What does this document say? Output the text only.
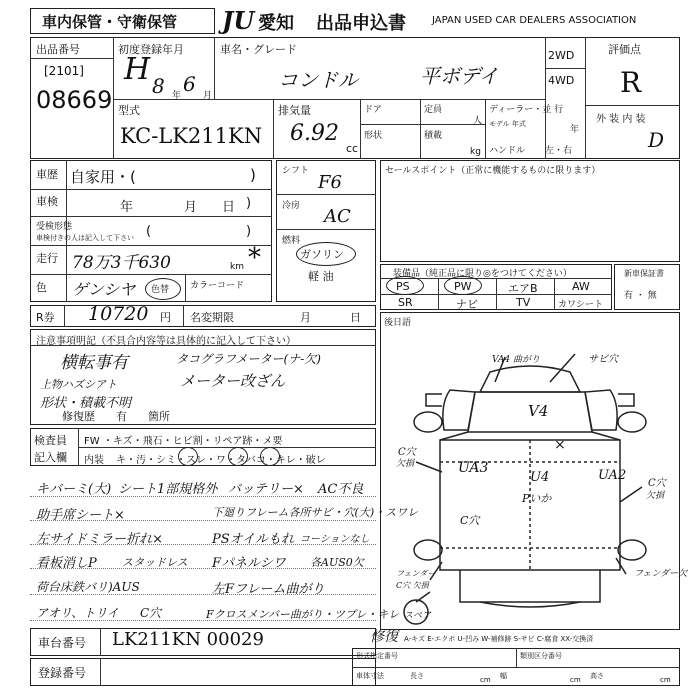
車内保管・守衛保管 JU 愛知 出品申込書	JAPAN USED CAR DEALERS ASSOCIATION
出品番号
[2101]
08669
初度登録年月
H 8 年 6 月
車名・グレード
コンドル	平ボデイ
2WD
4WD
評価点
R
外 装 内 装
D
型式
KC-LK211KN
排気量
6.92
cc
ドア	定員
人
形状	積載
kg
ディーラー・並 行
モデル 年式
年
ハンドル 左・右
車歴 自家用・(	)
車検	年	月 日 )
受検形態
車検付きの人は記入して下さい (	)
走行 78万3千630	km *
色 ゲンシヤ 色替 カラーコード
シフト
F6
冷房 AC
燃料
ガソリン
軽 油
セールスポイント（正常に機能するものに限ります）
装備品（純正品に限り◎をつけてください）
PS	PW	エアB	AW
SR	ナビ	TV	カワシート
新車保証書
有 ・ 無
R券 10720 円 名変期限	月	日
注意事項明記（不具合内容等は具体的に記入して下さい）
横転事有	タコグラフメーター(ナ-欠)
上物ハズシアト	メーター改ざん
形状・積載不明
修復歴 有 箇所
検査員
記入欄
FW ・キズ・飛石・ヒビ割・リペア跡・メ要
内装 キ・汚・シミ・スレ・ワ・タバコ・キレ・破レ
後日語
VA4 曲がり	サビ穴
V4
×
C穴
欠損	UA3
U4
Pいか
UA2
C穴
欠損
C穴
フェンダー
C穴 欠損
フェンダー欠
スペア
キバーミ(大) シート1部規格外 バッテリー× AC不良
助手席シート×	下廻りフレーム各所サビ・穴(大)・スワレ
左サイドミラー折れ×	PSオイルもれ コーションなし
看板消しP スタッドレス Fパネルシワ 各AUS0欠
荷台床鉄バリ)AUS	左Fフレーム曲がり
アオリ、トリイ C穴	Fクロスメンバー曲がり・ツブレ・キレ
車台番号 LK211KN 00029
登録番号
修復 A-キズ E-エクボ U-凹み W-補修跡 S-サビ C-腐食 XX-交換済
形式指定番号	類別区分番号
車体寸法	長さ	cm 幅	cm 高さ	cm
